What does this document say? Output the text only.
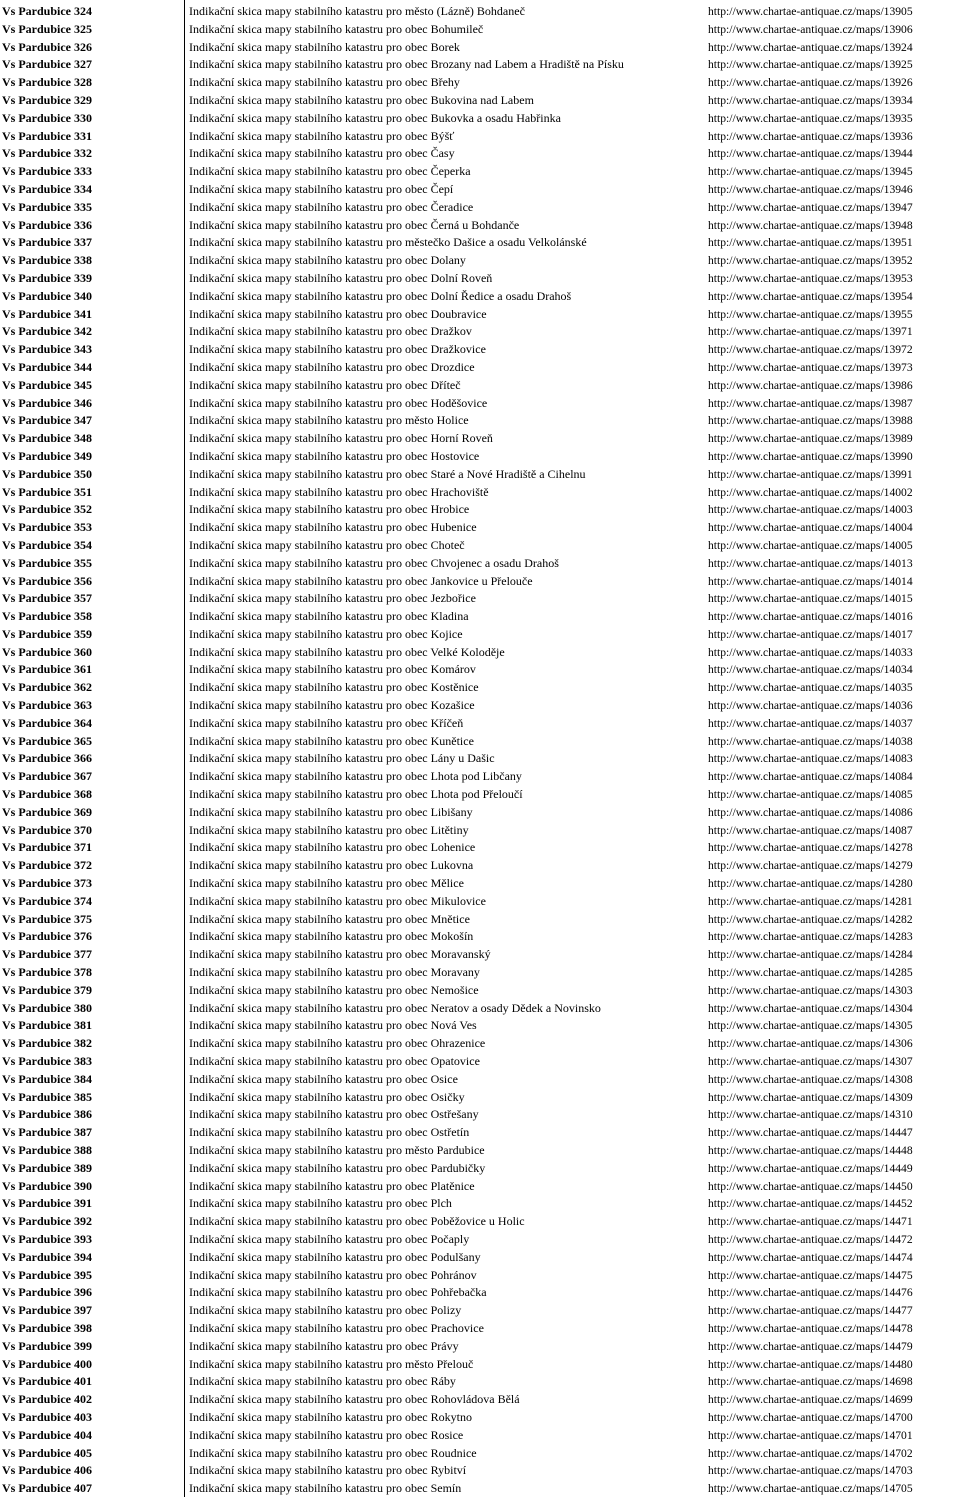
Vs Pardubice 324	Indikační skica mapy stabilního katastru pro město (Lázně) Bohdaneč	http://www.chartae-antiquae.cz/maps/13905
Vs Pardubice 325	Indikační skica mapy stabilního katastru pro obec Bohumileč	http://www.chartae-antiquae.cz/maps/13906
Vs Pardubice 326	Indikační skica mapy stabilního katastru pro obec Borek	http://www.chartae-antiquae.cz/maps/13924
Vs Pardubice 327	Indikační skica mapy stabilního katastru pro obec Brozany nad Labem a Hradiště na Písku	http://www.chartae-antiquae.cz/maps/13925
Vs Pardubice 328	Indikační skica mapy stabilního katastru pro obec Břehy	http://www.chartae-antiquae.cz/maps/13926
Vs Pardubice 329	Indikační skica mapy stabilního katastru pro obec Bukovina nad Labem	http://www.chartae-antiquae.cz/maps/13934
Vs Pardubice 330	Indikační skica mapy stabilního katastru pro obec Bukovka a osadu Habřinka	http://www.chartae-antiquae.cz/maps/13935
Vs Pardubice 331	Indikační skica mapy stabilního katastru pro obec Býšť	http://www.chartae-antiquae.cz/maps/13936
Vs Pardubice 332	Indikační skica mapy stabilního katastru pro obec Časy	http://www.chartae-antiquae.cz/maps/13944
Vs Pardubice 333	Indikační skica mapy stabilního katastru pro obec Čeperka	http://www.chartae-antiquae.cz/maps/13945
Vs Pardubice 334	Indikační skica mapy stabilního katastru pro obec Čepí	http://www.chartae-antiquae.cz/maps/13946
Vs Pardubice 335	Indikační skica mapy stabilního katastru pro obec Čeradice	http://www.chartae-antiquae.cz/maps/13947
Vs Pardubice 336	Indikační skica mapy stabilního katastru pro obec Černá u Bohdanče	http://www.chartae-antiquae.cz/maps/13948
Vs Pardubice 337	Indikační skica mapy stabilního katastru pro městečko Dašice a osadu Velkolánské	http://www.chartae-antiquae.cz/maps/13951
Vs Pardubice 338	Indikační skica mapy stabilního katastru pro obec Dolany	http://www.chartae-antiquae.cz/maps/13952
Vs Pardubice 339	Indikační skica mapy stabilního katastru pro obec Dolní Roveň	http://www.chartae-antiquae.cz/maps/13953
Vs Pardubice 340	Indikační skica mapy stabilního katastru pro obec Dolní Ředice a osadu Drahoš	http://www.chartae-antiquae.cz/maps/13954
Vs Pardubice 341	Indikační skica mapy stabilního katastru pro obec Doubravice	http://www.chartae-antiquae.cz/maps/13955
Vs Pardubice 342	Indikační skica mapy stabilního katastru pro obec Dražkov	http://www.chartae-antiquae.cz/maps/13971
Vs Pardubice 343	Indikační skica mapy stabilního katastru pro obec Dražkovice	http://www.chartae-antiquae.cz/maps/13972
Vs Pardubice 344	Indikační skica mapy stabilního katastru pro obec Drozdice	http://www.chartae-antiquae.cz/maps/13973
Vs Pardubice 345	Indikační skica mapy stabilního katastru pro obec Dříteč	http://www.chartae-antiquae.cz/maps/13986
Vs Pardubice 346	Indikační skica mapy stabilního katastru pro obec Hoděšovice	http://www.chartae-antiquae.cz/maps/13987
Vs Pardubice 347	Indikační skica mapy stabilního katastru pro město Holice	http://www.chartae-antiquae.cz/maps/13988
Vs Pardubice 348	Indikační skica mapy stabilního katastru pro obec Horní Roveň	http://www.chartae-antiquae.cz/maps/13989
Vs Pardubice 349	Indikační skica mapy stabilního katastru pro obec Hostovice	http://www.chartae-antiquae.cz/maps/13990
Vs Pardubice 350	Indikační skica mapy stabilního katastru pro obec Staré a Nové Hradiště a Cihelnu	http://www.chartae-antiquae.cz/maps/13991
Vs Pardubice 351	Indikační skica mapy stabilního katastru pro obec Hrachoviště	http://www.chartae-antiquae.cz/maps/14002
Vs Pardubice 352	Indikační skica mapy stabilního katastru pro obec Hrobice	http://www.chartae-antiquae.cz/maps/14003
Vs Pardubice 353	Indikační skica mapy stabilního katastru pro obec Hubenice	http://www.chartae-antiquae.cz/maps/14004
Vs Pardubice 354	Indikační skica mapy stabilního katastru pro obec Choteč	http://www.chartae-antiquae.cz/maps/14005
Vs Pardubice 355	Indikační skica mapy stabilního katastru pro obec Chvojenec a osadu Drahoš	http://www.chartae-antiquae.cz/maps/14013
Vs Pardubice 356	Indikační skica mapy stabilního katastru pro obec Jankovice u Přelouče	http://www.chartae-antiquae.cz/maps/14014
Vs Pardubice 357	Indikační skica mapy stabilního katastru pro obec Jezbořice	http://www.chartae-antiquae.cz/maps/14015
Vs Pardubice 358	Indikační skica mapy stabilního katastru pro obec Kladina	http://www.chartae-antiquae.cz/maps/14016
Vs Pardubice 359	Indikační skica mapy stabilního katastru pro obec Kojice	http://www.chartae-antiquae.cz/maps/14017
Vs Pardubice 360	Indikační skica mapy stabilního katastru pro obec Velké Koloděje	http://www.chartae-antiquae.cz/maps/14033
Vs Pardubice 361	Indikační skica mapy stabilního katastru pro obec Komárov	http://www.chartae-antiquae.cz/maps/14034
Vs Pardubice 362	Indikační skica mapy stabilního katastru pro obec Kostěnice	http://www.chartae-antiquae.cz/maps/14035
Vs Pardubice 363	Indikační skica mapy stabilního katastru pro obec Kozašice	http://www.chartae-antiquae.cz/maps/14036
Vs Pardubice 364	Indikační skica mapy stabilního katastru pro obec Kříčeň	http://www.chartae-antiquae.cz/maps/14037
Vs Pardubice 365	Indikační skica mapy stabilního katastru pro obec Kunětice	http://www.chartae-antiquae.cz/maps/14038
Vs Pardubice 366	Indikační skica mapy stabilního katastru pro obec Lány u Dašic	http://www.chartae-antiquae.cz/maps/14083
Vs Pardubice 367	Indikační skica mapy stabilního katastru pro obec Lhota pod Libčany	http://www.chartae-antiquae.cz/maps/14084
Vs Pardubice 368	Indikační skica mapy stabilního katastru pro obec Lhota pod Přeloučí	http://www.chartae-antiquae.cz/maps/14085
Vs Pardubice 369	Indikační skica mapy stabilního katastru pro obec Libišany	http://www.chartae-antiquae.cz/maps/14086
Vs Pardubice 370	Indikační skica mapy stabilního katastru pro obec Litětiny	http://www.chartae-antiquae.cz/maps/14087
Vs Pardubice 371	Indikační skica mapy stabilního katastru pro obec Lohenice	http://www.chartae-antiquae.cz/maps/14278
Vs Pardubice 372	Indikační skica mapy stabilního katastru pro obec Lukovna	http://www.chartae-antiquae.cz/maps/14279
Vs Pardubice 373	Indikační skica mapy stabilního katastru pro obec Mělice	http://www.chartae-antiquae.cz/maps/14280
Vs Pardubice 374	Indikační skica mapy stabilního katastru pro obec Mikulovice	http://www.chartae-antiquae.cz/maps/14281
Vs Pardubice 375	Indikační skica mapy stabilního katastru pro obec Mnětice	http://www.chartae-antiquae.cz/maps/14282
Vs Pardubice 376	Indikační skica mapy stabilního katastru pro obec Mokošín	http://www.chartae-antiquae.cz/maps/14283
Vs Pardubice 377	Indikační skica mapy stabilního katastru pro obec Moravanský	http://www.chartae-antiquae.cz/maps/14284
Vs Pardubice 378	Indikační skica mapy stabilního katastru pro obec Moravany	http://www.chartae-antiquae.cz/maps/14285
Vs Pardubice 379	Indikační skica mapy stabilního katastru pro obec Nemošice	http://www.chartae-antiquae.cz/maps/14303
Vs Pardubice 380	Indikační skica mapy stabilního katastru pro obec Neratov a osady Dědek a Novinsko	http://www.chartae-antiquae.cz/maps/14304
Vs Pardubice 381	Indikační skica mapy stabilního katastru pro obec Nová Ves	http://www.chartae-antiquae.cz/maps/14305
Vs Pardubice 382	Indikační skica mapy stabilního katastru pro obec Ohrazenice	http://www.chartae-antiquae.cz/maps/14306
Vs Pardubice 383	Indikační skica mapy stabilního katastru pro obec Opatovice	http://www.chartae-antiquae.cz/maps/14307
Vs Pardubice 384	Indikační skica mapy stabilního katastru pro obec Osice	http://www.chartae-antiquae.cz/maps/14308
Vs Pardubice 385	Indikační skica mapy stabilního katastru pro obec Osičky	http://www.chartae-antiquae.cz/maps/14309
Vs Pardubice 386	Indikační skica mapy stabilního katastru pro obec Ostřešany	http://www.chartae-antiquae.cz/maps/14310
Vs Pardubice 387	Indikační skica mapy stabilního katastru pro obec Ostřetín	http://www.chartae-antiquae.cz/maps/14447
Vs Pardubice 388	Indikační skica mapy stabilního katastru pro město Pardubice	http://www.chartae-antiquae.cz/maps/14448
Vs Pardubice 389	Indikační skica mapy stabilního katastru pro obec Pardubičky	http://www.chartae-antiquae.cz/maps/14449
Vs Pardubice 390	Indikační skica mapy stabilního katastru pro obec Platěnice	http://www.chartae-antiquae.cz/maps/14450
Vs Pardubice 391	Indikační skica mapy stabilního katastru pro obec Plch	http://www.chartae-antiquae.cz/maps/14452
Vs Pardubice 392	Indikační skica mapy stabilního katastru pro obec Poběžovice u Holic	http://www.chartae-antiquae.cz/maps/14471
Vs Pardubice 393	Indikační skica mapy stabilního katastru pro obec Počaply	http://www.chartae-antiquae.cz/maps/14472
Vs Pardubice 394	Indikační skica mapy stabilního katastru pro obec Podulšany	http://www.chartae-antiquae.cz/maps/14474
Vs Pardubice 395	Indikační skica mapy stabilního katastru pro obec Pohránov	http://www.chartae-antiquae.cz/maps/14475
Vs Pardubice 396	Indikační skica mapy stabilního katastru pro obec Pohřebačka	http://www.chartae-antiquae.cz/maps/14476
Vs Pardubice 397	Indikační skica mapy stabilního katastru pro obec Polizy	http://www.chartae-antiquae.cz/maps/14477
Vs Pardubice 398	Indikační skica mapy stabilního katastru pro obec Prachovice	http://www.chartae-antiquae.cz/maps/14478
Vs Pardubice 399	Indikační skica mapy stabilního katastru pro obec Právy	http://www.chartae-antiquae.cz/maps/14479
Vs Pardubice 400	Indikační skica mapy stabilního katastru pro město Přelouč	http://www.chartae-antiquae.cz/maps/14480
Vs Pardubice 401	Indikační skica mapy stabilního katastru pro obec Ráby	http://www.chartae-antiquae.cz/maps/14698
Vs Pardubice 402	Indikační skica mapy stabilního katastru pro obec Rohovládova Bělá	http://www.chartae-antiquae.cz/maps/14699
Vs Pardubice 403	Indikační skica mapy stabilního katastru pro obec Rokytno	http://www.chartae-antiquae.cz/maps/14700
Vs Pardubice 404	Indikační skica mapy stabilního katastru pro obec Rosice	http://www.chartae-antiquae.cz/maps/14701
Vs Pardubice 405	Indikační skica mapy stabilního katastru pro obec Roudnice	http://www.chartae-antiquae.cz/maps/14702
Vs Pardubice 406	Indikační skica mapy stabilního katastru pro obec Rybitví	http://www.chartae-antiquae.cz/maps/14703
Vs Pardubice 407	Indikační skica mapy stabilního katastru pro obec Semín	http://www.chartae-antiquae.cz/maps/14705
